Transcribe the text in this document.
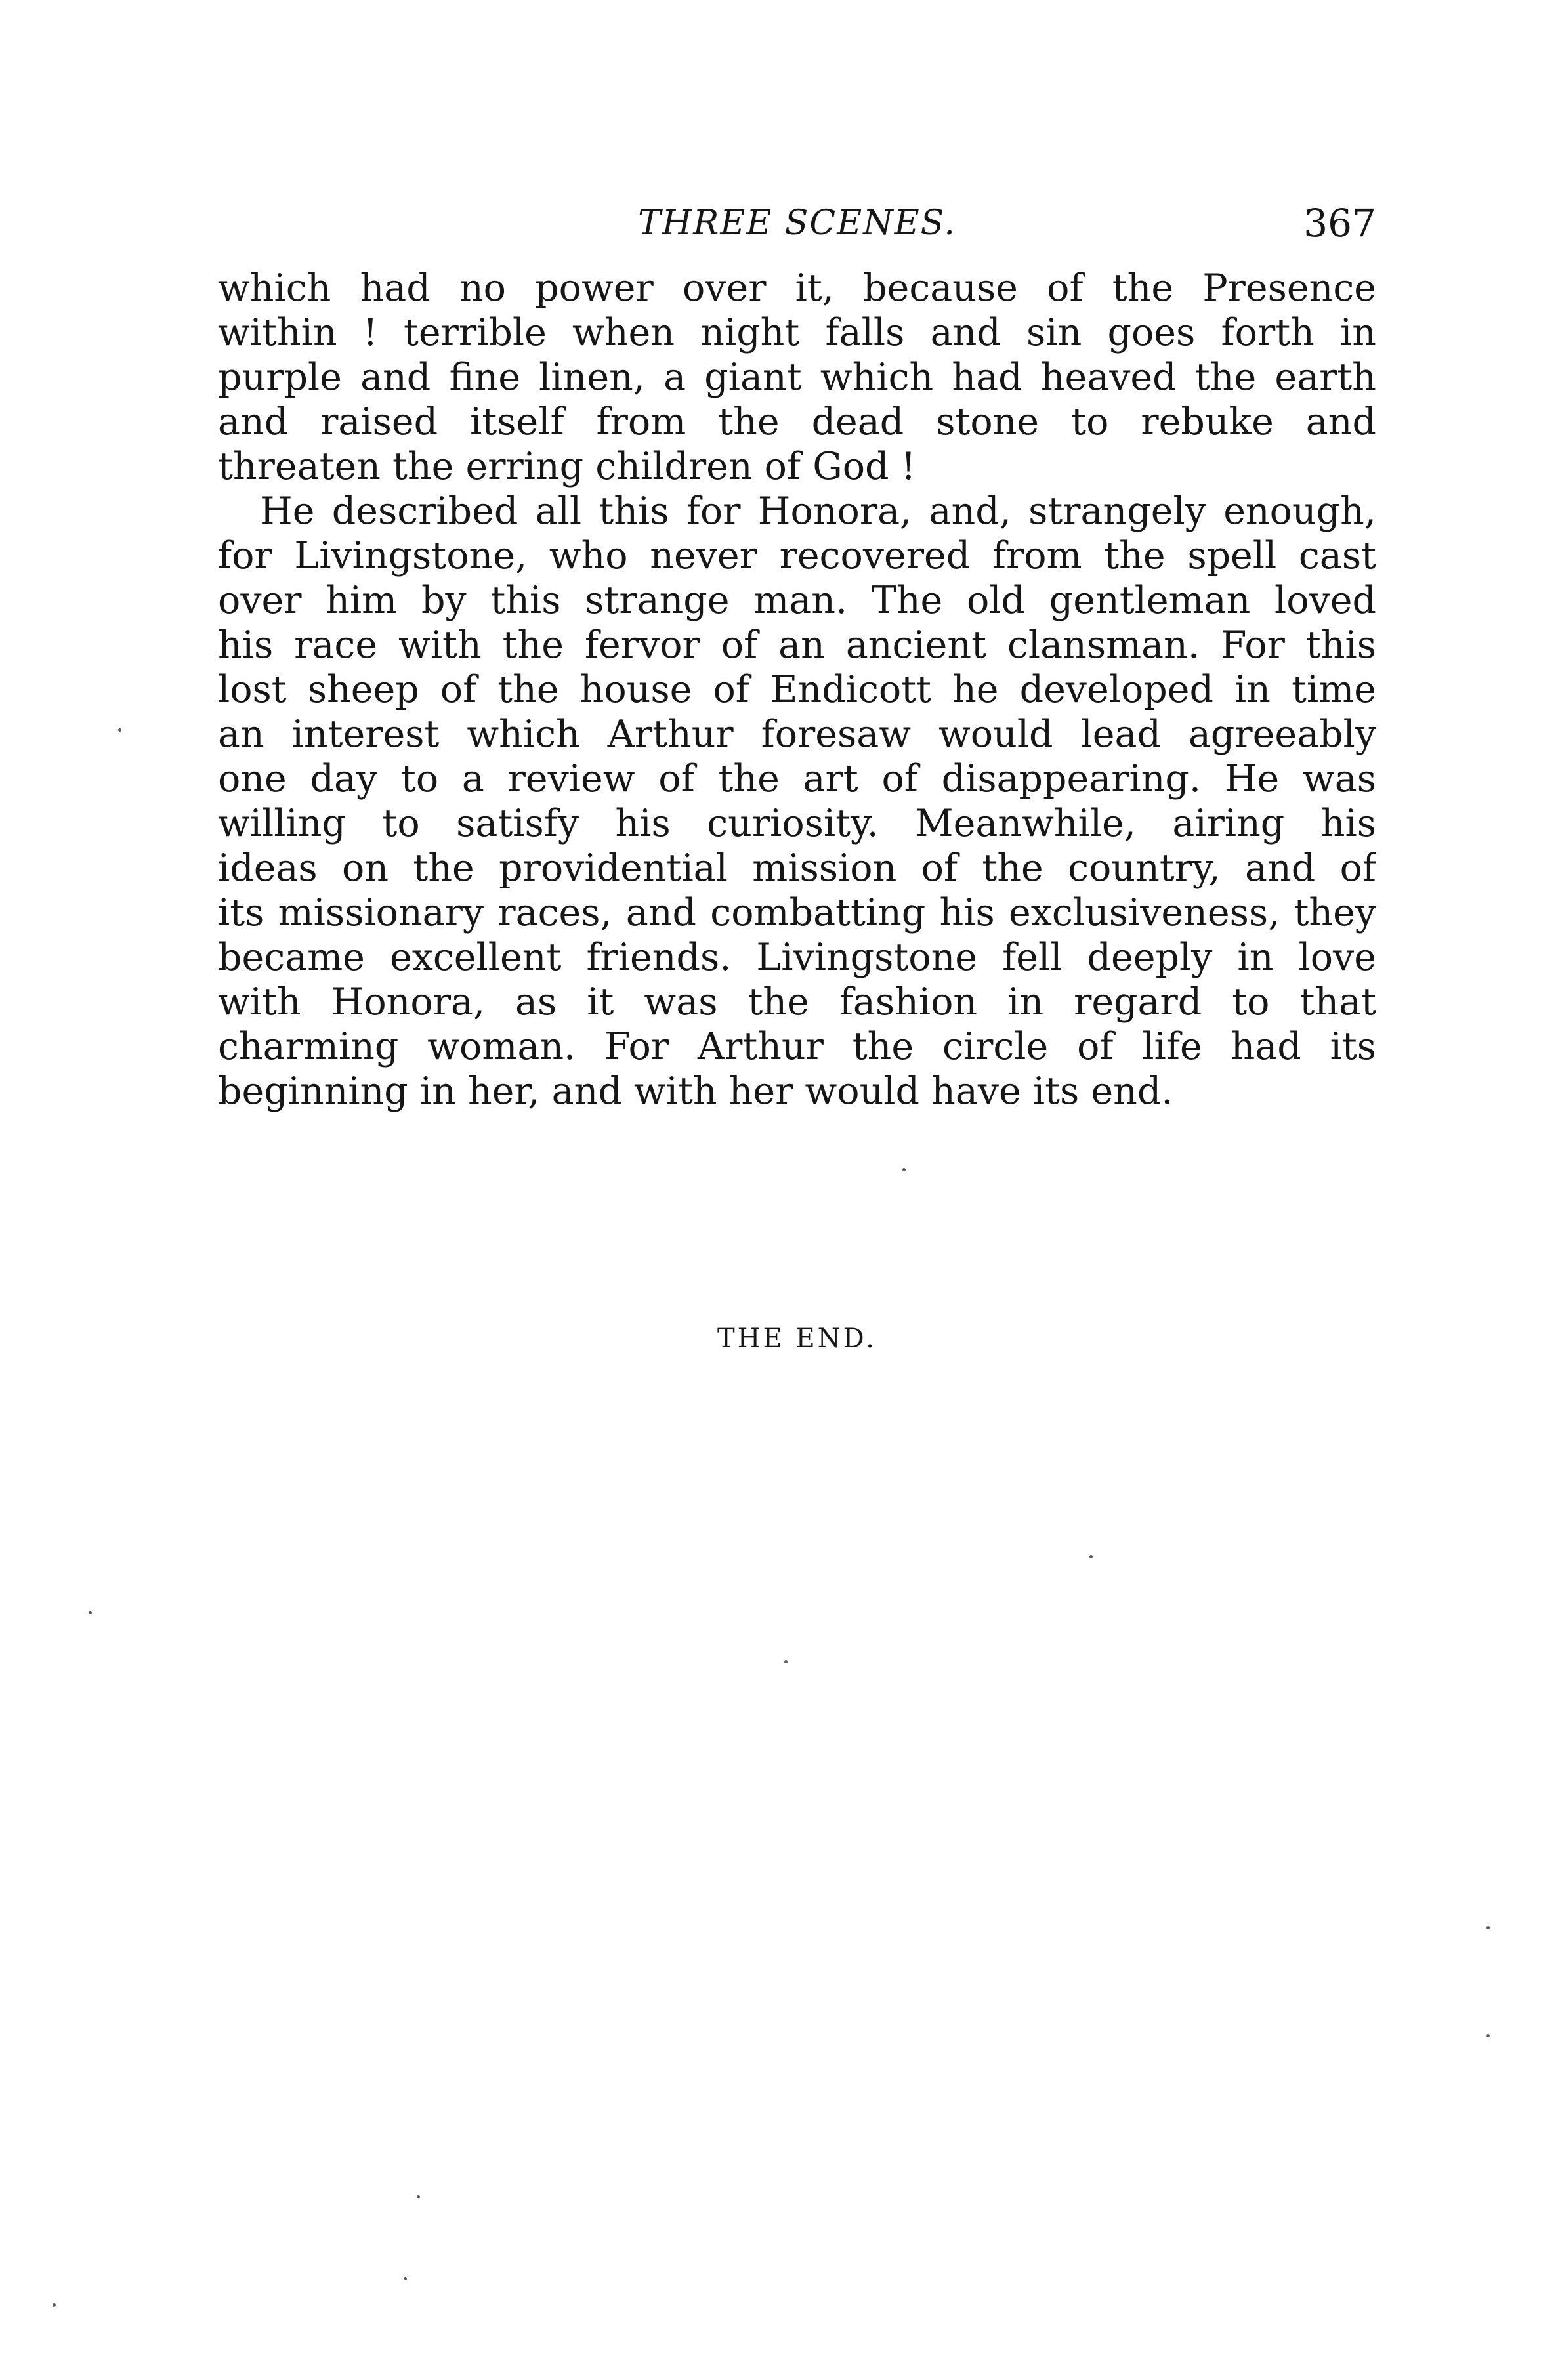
THREE SCENES.	367
which had no power over it, because of the Presence
within ! terrible when night falls and sin goes forth in
purple and fine linen, a giant which had heaved the earth
and raised itself from the dead stone to rebuke and
threaten the erring children of God !
He described all this for Honora, and, strangely enough,
for Livingstone, who never recovered from the spell cast
over him by this strange man. The old gentleman loved
his race with the fervor of an ancient clansman. For this
lost sheep of the house of Endicott he developed in time
an interest which Arthur foresaw would lead agreeably
one day to a review of the art of disappearing. He was
willing to satisfy his curiosity. Meanwhile, airing his
ideas on the providential mission of the country, and of
its missionary races, and combatting his exclusiveness, they
became excellent friends. Livingstone fell deeply in love
with Honora, as it was the fashion in regard to that
charming woman. For Arthur the circle of life had its
beginning in her, and with her would have its end.
THE END.
